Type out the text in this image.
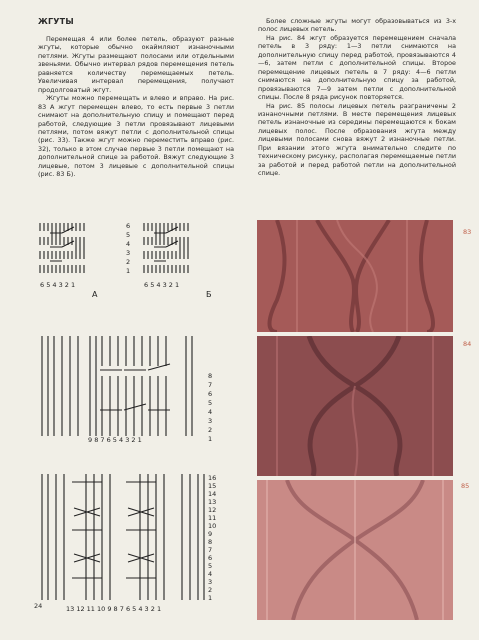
ЖГУТЫ

Перемещая 4 или более петель, образуют разные жгуты, которые обычно окаймляют изнаночными петлями. Жгуты размещают полосами или отдельными звеньями. Обычно интервал рядов перемещения петель равняется количеству перемещаемых петель. Увеличивая интервал перемещения, получают продолговатый жгут.

Жгуты можно перемещать и влево и вправо. На рис. 83 А жгут перемещен влево, то есть первые 3 петли снимают на дополнительную спицу и помещают перед работой, следующие 3 петли провязывают лицевыми петлями, потом вяжут петли с дополнительной спицы (рис. 33). Также жгут можно переместить вправо (рис. 32), только в этом случае первые 3 петли помещают на дополнительной спице за работой. Вяжут следующие 3 лицевые, потом 3 лицевые с дополнительной спицы (рис. 83 Б).

Более сложные жгуты могут образовываться из 3-х полос лицевых петель.

На рис. 84 жгут образуется перемещением сначала петель в 3 ряду: 1—3 петли снимаются на дополнительную спицу перед работой, провязываются 4—6, затем петли с дополнительной спицы. Второе перемещение лицевых петель в 7 ряду: 4—6 петли снимаются на дополнительную спицу за работой, провязываются 7—9 затем петли с дополнительной спицы. После 8 ряда рисунок повторяется.

На рис. 85 полосы лицевых петель разграничены 2 изнаночными петлями. В месте перемещения лицевых петель изнаночные из середины перемещаются к бокам лицевых полос. После образования жгута между лицевыми полосами снова вяжут 2 изнаночные петли. При вязании этого жгута внимательно следите по техническому рисунку, располагая перемещаемые петли за работой и перед работой петли на дополнительной спице.

6
5
4
3
2
1
6 5 4 3 2 1	6 5 4 3 2 1
А	Б
8
7
6
5
4
3
2
1
9 8 7 6 5 4 3 2 1
16
15
14
13
12
11
10
9
8
7
6
5
4
3
2
1
13 12 11 10 9 8 7 6 5 4 3 2 1
83
84
85
24
